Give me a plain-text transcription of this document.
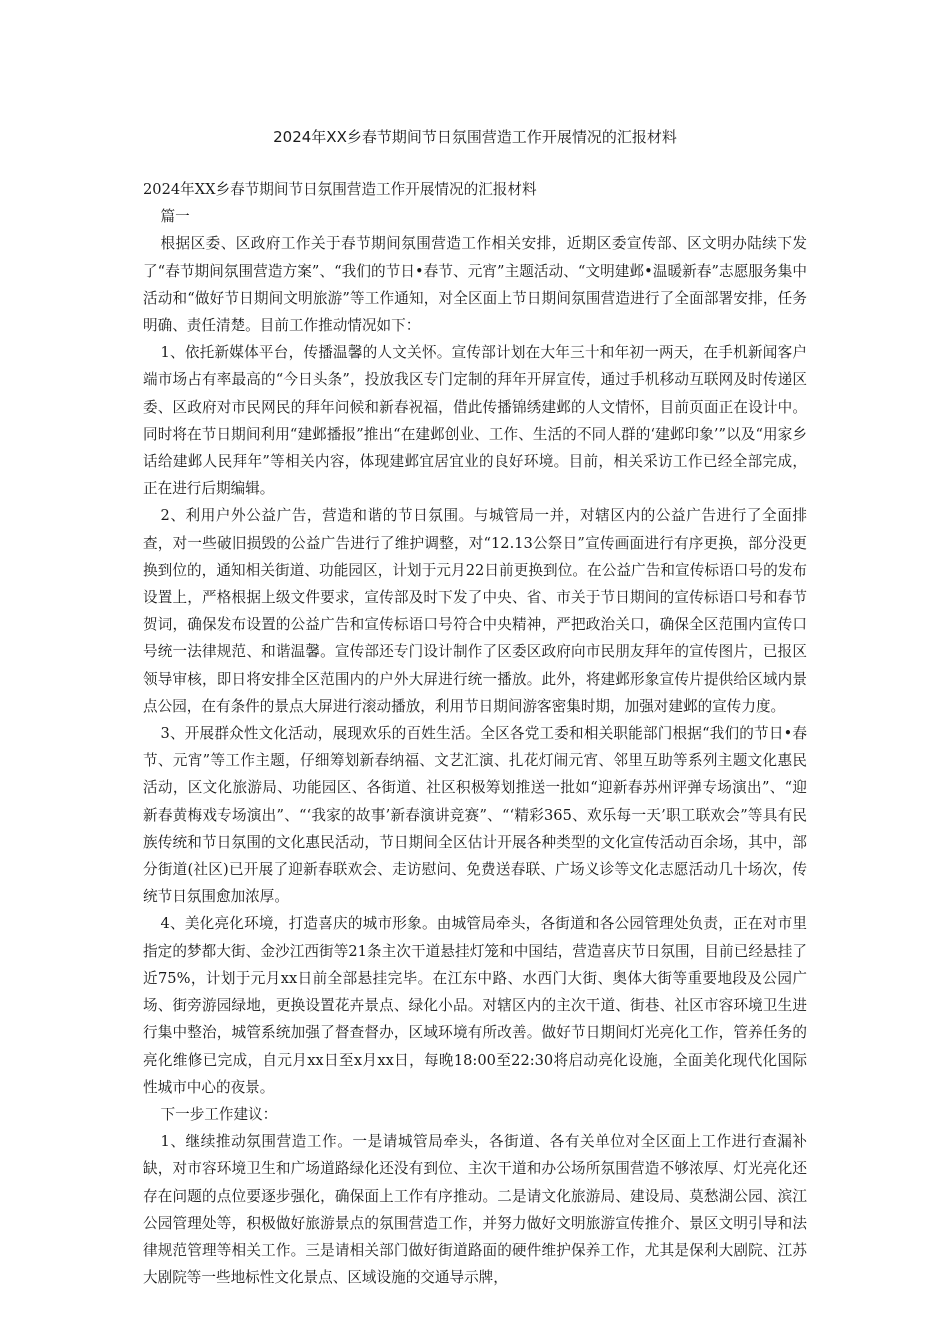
2024年XX乡春节期间节日氛围营造工作开展情况的汇报材料

2024年XX乡春节期间节日氛围营造工作开展情况的汇报材料

篇一

根据区委、区政府工作关于春节期间氛围营造工作相关安排，近期区委宣传部、区文明办陆续下发了“春节期间氛围营造方案”、“我们的节日•春节、元宵”主题活动、“文明建邺•温暖新春”志愿服务集中活动和“做好节日期间文明旅游”等工作通知，对全区面上节日期间氛围营造进行了全面部署安排，任务明确、责任清楚。目前工作推动情况如下：

1、依托新媒体平台，传播温馨的人文关怀。宣传部计划在大年三十和年初一两天，在手机新闻客户端市场占有率最高的“今日头条”，投放我区专门定制的拜年开屏宣传，通过手机移动互联网及时传递区委、区政府对市民网民的拜年问候和新春祝福，借此传播锦绣建邺的人文情怀，目前页面正在设计中。同时将在节日期间利用“建邺播报”推出“在建邺创业、工作、生活的不同人群的‘建邺印象’”以及“用家乡话给建邺人民拜年”等相关内容，体现建邺宜居宜业的良好环境。目前，相关采访工作已经全部完成，正在进行后期编辑。

2、利用户外公益广告，营造和谐的节日氛围。与城管局一并，对辖区内的公益广告进行了全面排查，对一些破旧损毁的公益广告进行了维护调整，对“12.13公祭日”宣传画面进行有序更换，部分没更换到位的，通知相关街道、功能园区，计划于元月22日前更换到位。在公益广告和宣传标语口号的发布设置上，严格根据上级文件要求，宣传部及时下发了中央、省、市关于节日期间的宣传标语口号和春节贺词，确保发布设置的公益广告和宣传标语口号符合中央精神，严把政治关口，确保全区范围内宣传口号统一法律规范、和谐温馨。宣传部还专门设计制作了区委区政府向市民朋友拜年的宣传图片，已报区领导审核，即日将安排全区范围内的户外大屏进行统一播放。此外，将建邺形象宣传片提供给区域内景点公园，在有条件的景点大屏进行滚动播放，利用节日期间游客密集时期，加强对建邺的宣传力度。

3、开展群众性文化活动，展现欢乐的百姓生活。全区各党工委和相关职能部门根据“我们的节日•春节、元宵”等工作主题，仔细筹划新春纳福、文艺汇演、扎花灯闹元宵、邻里互助等系列主题文化惠民活动，区文化旅游局、功能园区、各街道、社区积极筹划推送一批如“迎新春苏州评弹专场演出”、“迎新春黄梅戏专场演出”、“‘我家的故事’新春演讲竞赛”、“‘精彩365、欢乐每一天’职工联欢会”等具有民族传统和节日氛围的文化惠民活动，节日期间全区估计开展各种类型的文化宣传活动百余场，其中，部分街道(社区)已开展了迎新春联欢会、走访慰问、免费送春联、广场义诊等文化志愿活动几十场次，传统节日氛围愈加浓厚。

4、美化亮化环境，打造喜庆的城市形象。由城管局牵头，各街道和各公园管理处负责，正在对市里指定的梦都大街、金沙江西街等21条主次干道悬挂灯笼和中国结，营造喜庆节日氛围，目前已经悬挂了近75%，计划于元月xx日前全部悬挂完毕。在江东中路、水西门大街、奥体大街等重要地段及公园广场、街旁游园绿地，更换设置花卉景点、绿化小品。对辖区内的主次干道、街巷、社区市容环境卫生进行集中整治，城管系统加强了督查督办，区域环境有所改善。做好节日期间灯光亮化工作，管养任务的亮化维修已完成，自元月xx日至x月xx日，每晚18:00至22:30将启动亮化设施，全面美化现代化国际性城市中心的夜景。

下一步工作建议：

1、继续推动氛围营造工作。一是请城管局牵头，各街道、各有关单位对全区面上工作进行查漏补缺，对市容环境卫生和广场道路绿化还没有到位、主次干道和办公场所氛围营造不够浓厚、灯光亮化还存在问题的点位要逐步强化，确保面上工作有序推动。二是请文化旅游局、建设局、莫愁湖公园、滨江公园管理处等，积极做好旅游景点的氛围营造工作，并努力做好文明旅游宣传推介、景区文明引导和法律规范管理等相关工作。三是请相关部门做好街道路面的硬件维护保养工作，尤其是保利大剧院、江苏大剧院等一些地标性文化景点、区域设施的交通导示牌，
